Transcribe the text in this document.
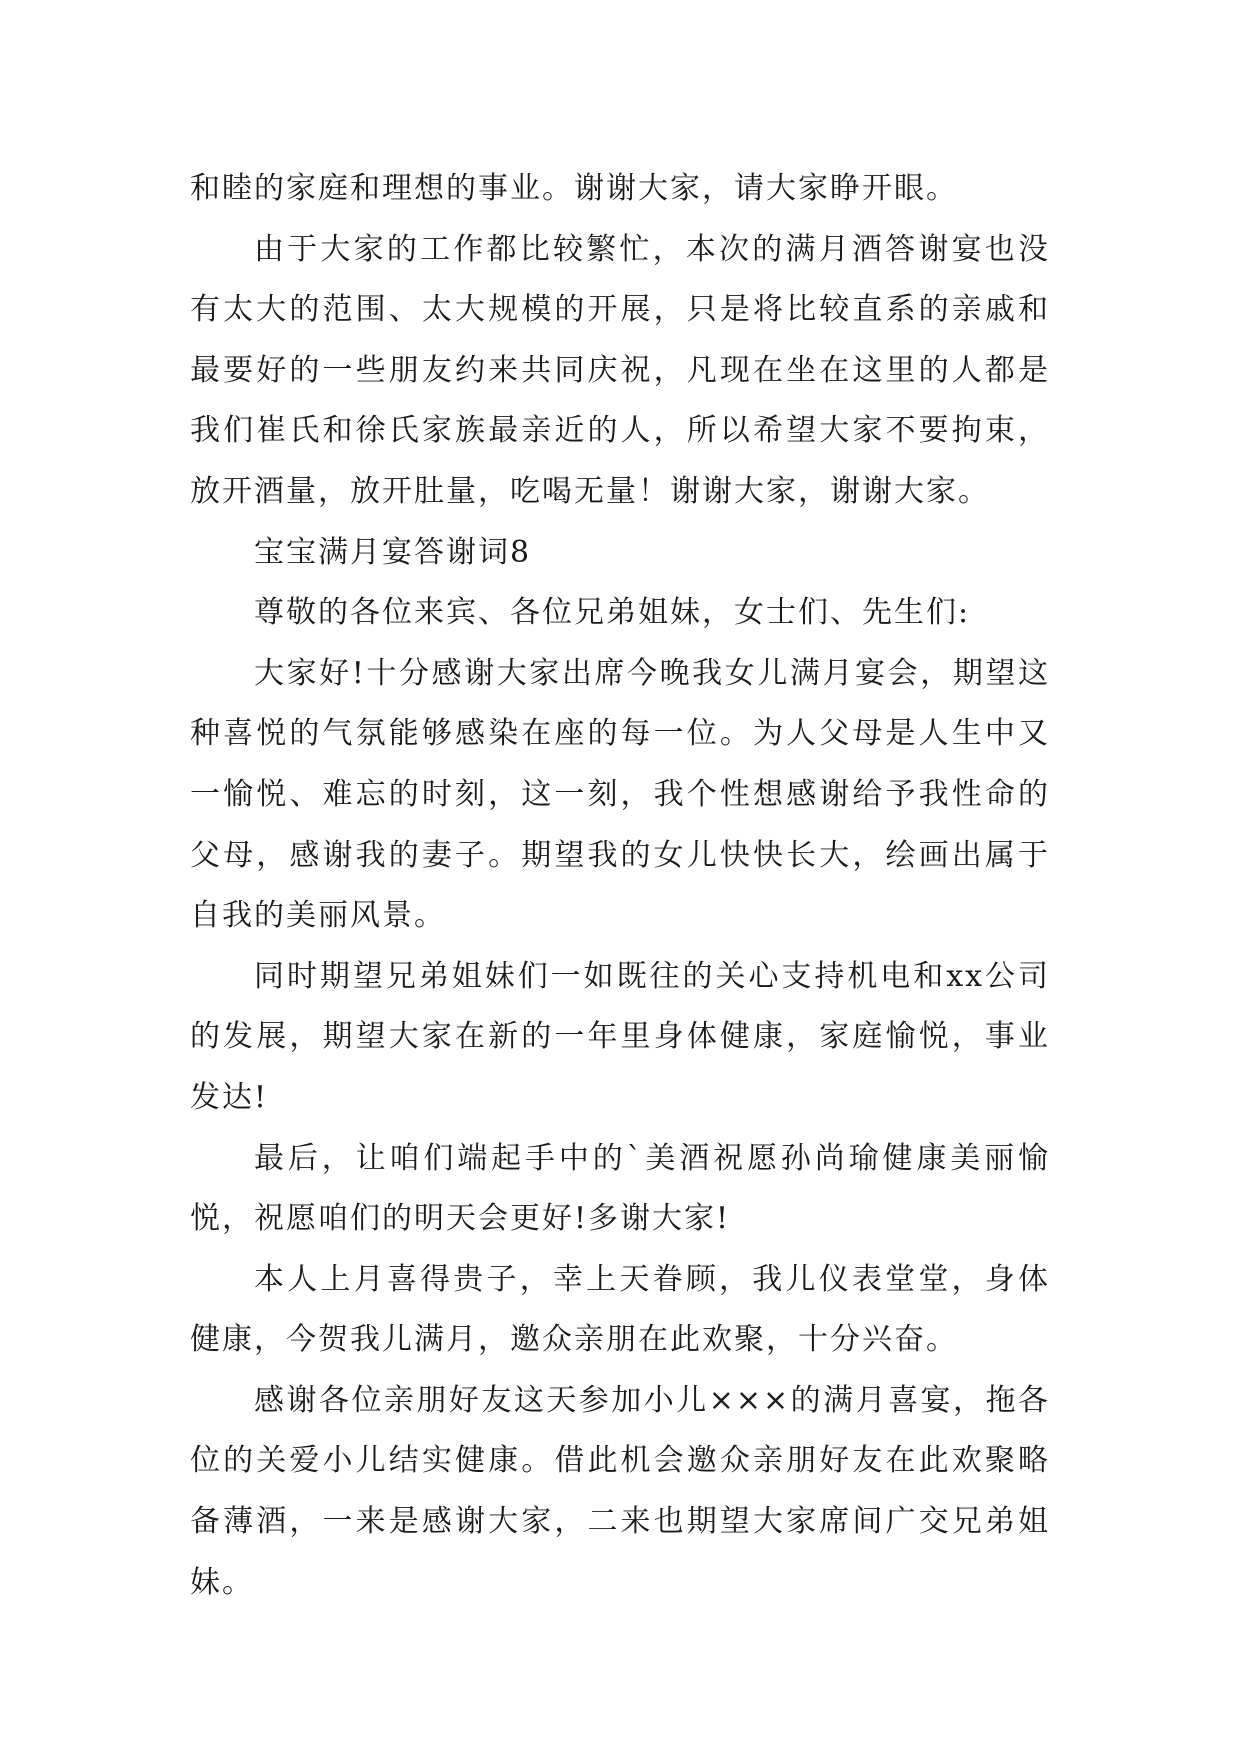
和睦的家庭和理想的事业。谢谢大家，请大家睁开眼。

由于大家的工作都比较繁忙，本次的满月酒答谢宴也没有太大的范围、太大规模的开展，只是将比较直系的亲戚和最要好的一些朋友约来共同庆祝，凡现在坐在这里的人都是我们崔氏和徐氏家族最亲近的人，所以希望大家不要拘束，放开酒量，放开肚量，吃喝无量！谢谢大家，谢谢大家。

宝宝满月宴答谢词8

尊敬的各位来宾、各位兄弟姐妹，女士们、先生们:

大家好!十分感谢大家出席今晚我女儿满月宴会，期望这种喜悦的气氛能够感染在座的每一位。为人父母是人生中又一愉悦、难忘的时刻，这一刻，我个性想感谢给予我性命的父母，感谢我的妻子。期望我的女儿快快长大，绘画出属于自我的美丽风景。

同时期望兄弟姐妹们一如既往的关心支持机电和xx公司的发展，期望大家在新的一年里身体健康，家庭愉悦，事业发达!

最后，让咱们端起手中的`美酒祝愿孙尚瑜健康美丽愉悦，祝愿咱们的明天会更好!多谢大家!

本人上月喜得贵子，幸上天眷顾，我儿仪表堂堂，身体健康，今贺我儿满月，邀众亲朋在此欢聚，十分兴奋。

感谢各位亲朋好友这天参加小儿×××的满月喜宴，拖各位的关爱小儿结实健康。借此机会邀众亲朋好友在此欢聚略备薄酒，一来是感谢大家，二来也期望大家席间广交兄弟姐妹。
